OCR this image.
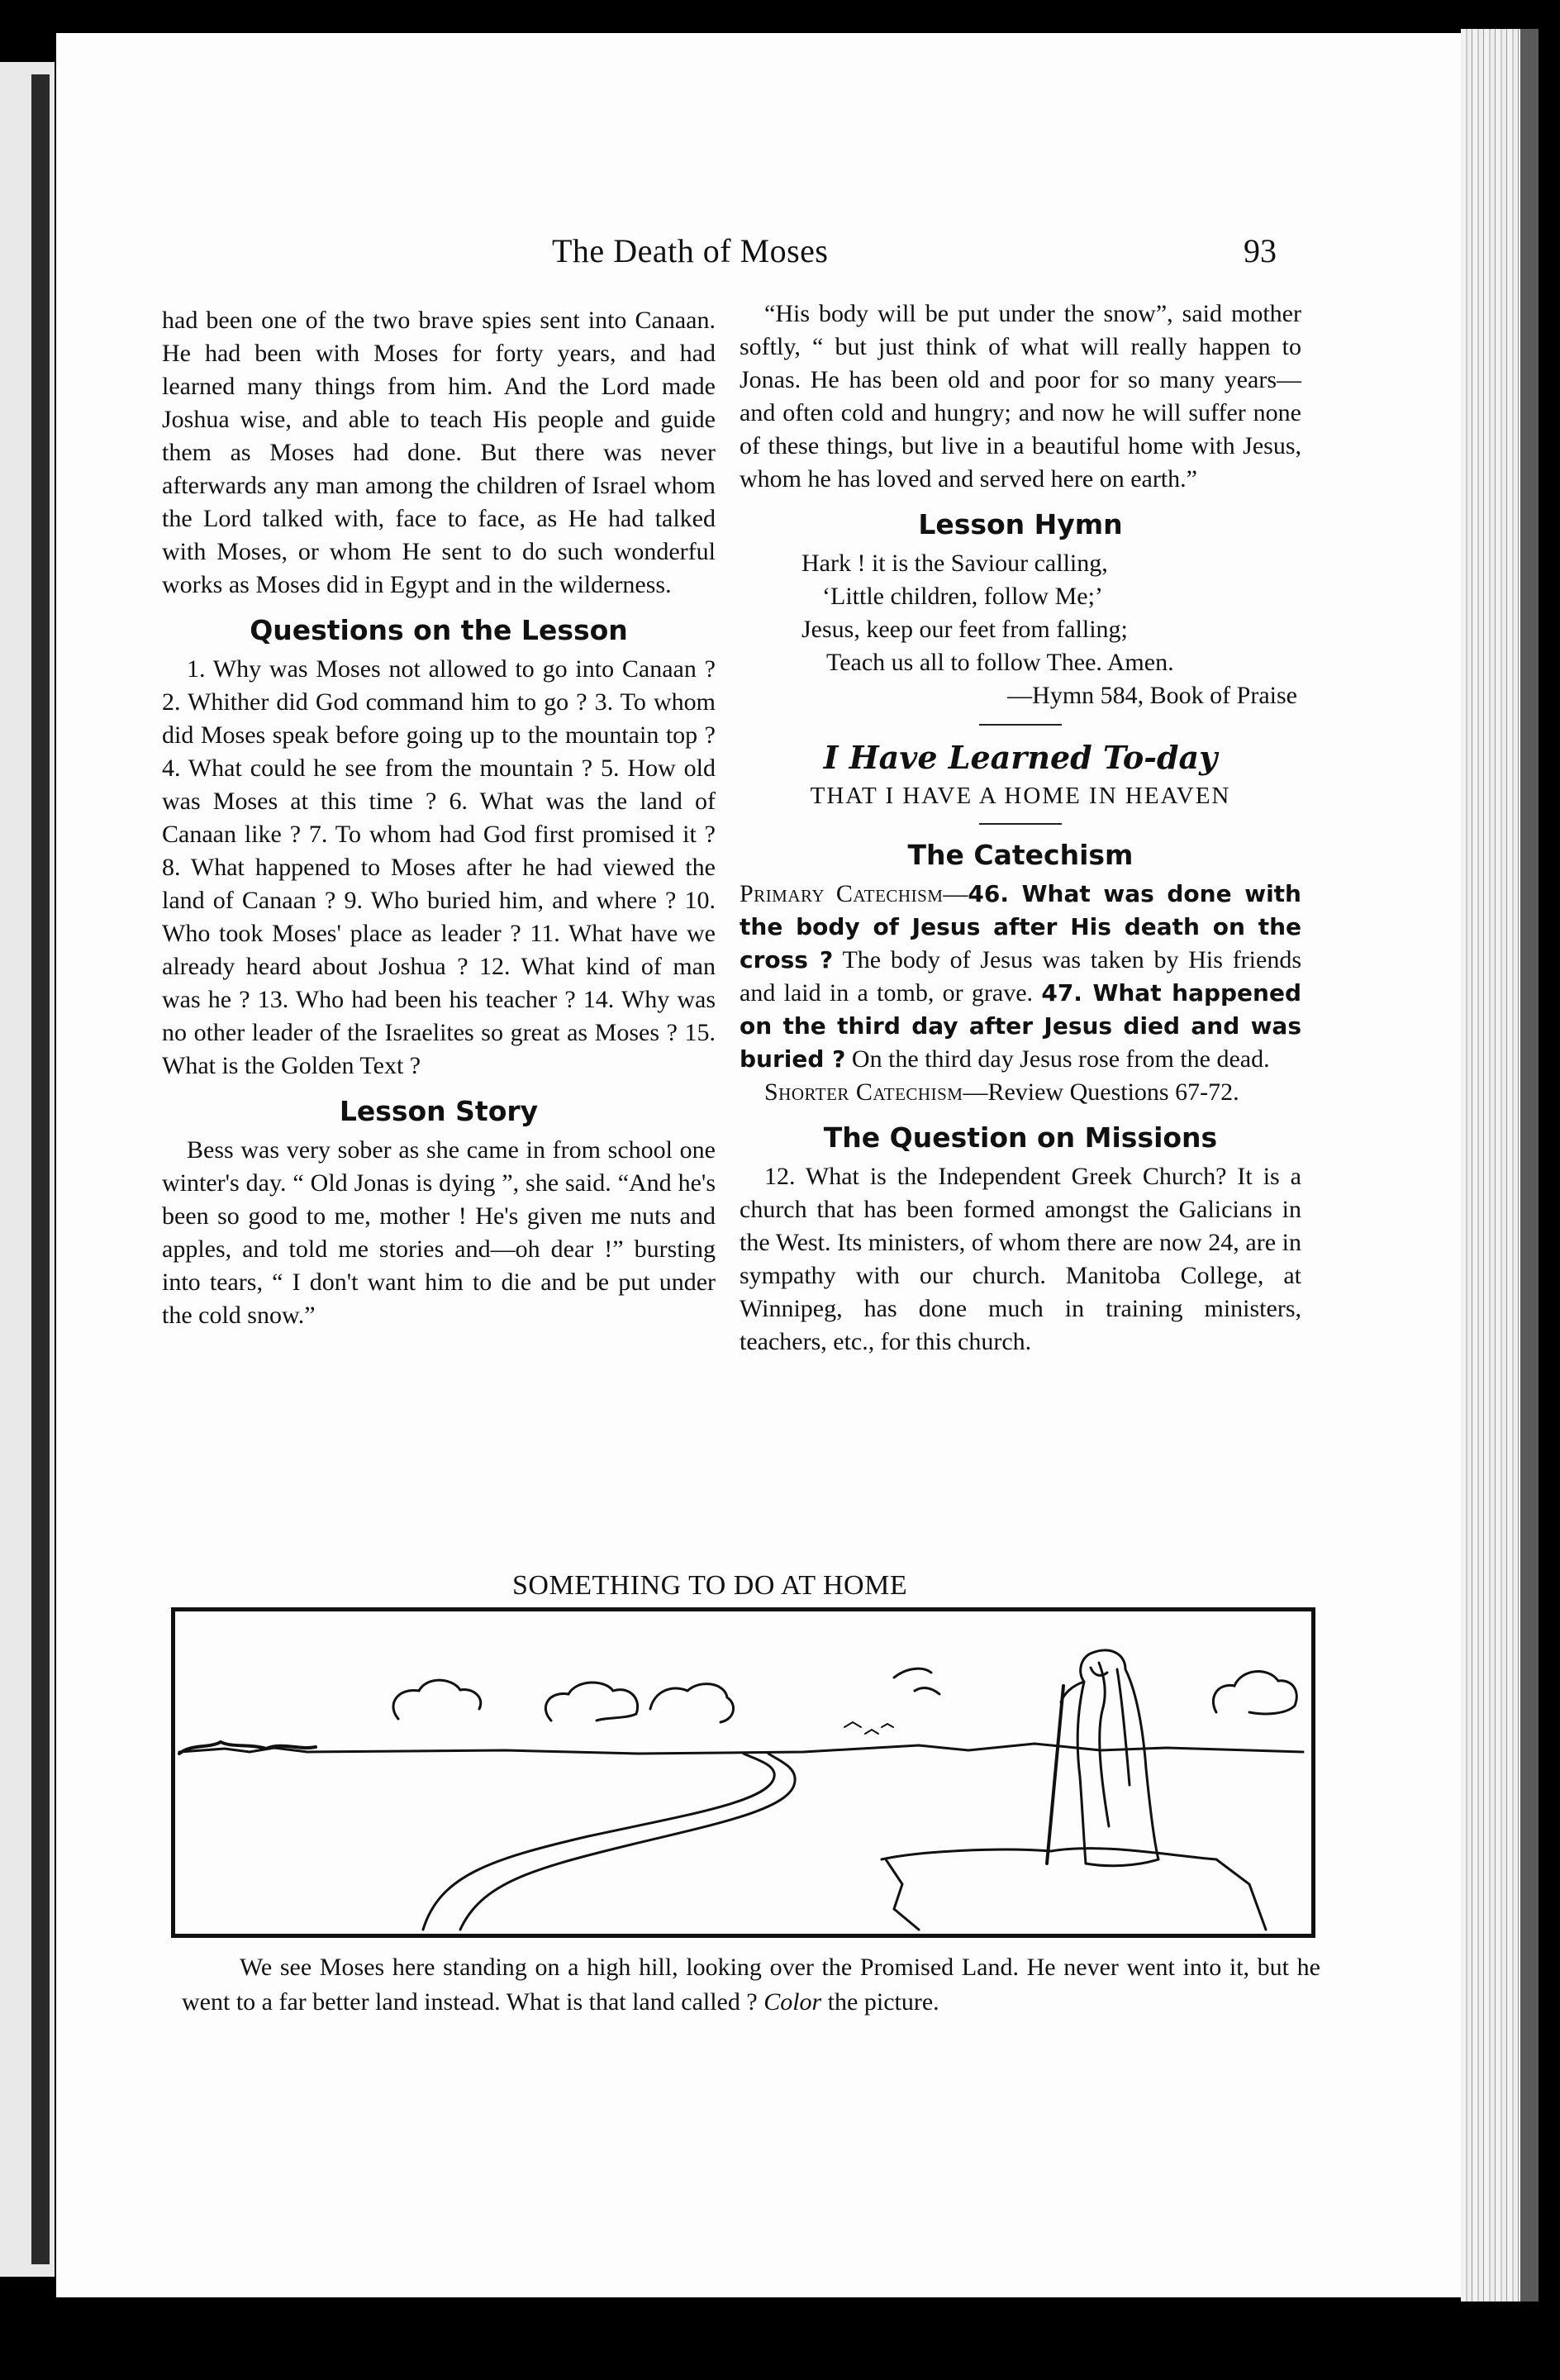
The Death of Moses	93

had been one of the two brave spies sent into Canaan. He had been with Moses for forty years, and had learned many things from him. And the Lord made Joshua wise, and able to teach His people and guide them as Moses had done. But there was never afterwards any man among the children of Israel whom the Lord talked with, face to face, as He had talked with Moses, or whom He sent to do such wonderful works as Moses did in Egypt and in the wilderness.

Questions on the Lesson

1. Why was Moses not allowed to go into Canaan ? 2. Whither did God command him to go ? 3. To whom did Moses speak before going up to the mountain top ? 4. What could he see from the mountain ? 5. How old was Moses at this time ? 6. What was the land of Canaan like ? 7. To whom had God first promised it ? 8. What happened to Moses after he had viewed the land of Canaan ? 9. Who buried him, and where ? 10. Who took Moses' place as leader ? 11. What have we already heard about Joshua ? 12. What kind of man was he ? 13. Who had been his teacher ? 14. Why was no other leader of the Israelites so great as Moses ? 15. What is the Golden Text ?

Lesson Story

Bess was very sober as she came in from school one winter's day. “ Old Jonas is dying ”, she said. “And he's been so good to me, mother ! He's given me nuts and apples, and told me stories and—oh dear !” bursting into tears, “ I don't want him to die and be put under the cold snow.”

“His body will be put under the snow”, said mother softly, “ but just think of what will really happen to Jonas. He has been old and poor for so many years—and often cold and hungry; and now he will suffer none of these things, but live in a beautiful home with Jesus, whom he has loved and served here on earth.”

Lesson Hymn
Hark ! it is the Saviour calling,
‘Little children, follow Me;’
Jesus, keep our feet from falling;
Teach us all to follow Thee. Amen.
—Hymn 584, Book of Praise
I Have Learned To-day
THAT I HAVE A HOME IN HEAVEN
The Catechism

Primary Catechism—46. What was done with the body of Jesus after His death on the cross ? The body of Jesus was taken by His friends and laid in a tomb, or grave. 47. What happened on the third day after Jesus died and was buried ? On the third day Jesus rose from the dead.

Shorter Catechism—Review Questions 67-72.

The Question on Missions

12. What is the Independent Greek Church? It is a church that has been formed amongst the Galicians in the West. Its ministers, of whom there are now 24, are in sympathy with our church. Manitoba College, at Winnipeg, has done much in training ministers, teachers, etc., for this church.

SOMETHING TO DO AT HOME

We see Moses here standing on a high hill, looking over the Promised Land. He never went into it, but he went to a far better land instead. What is that land called ? Color the picture.
